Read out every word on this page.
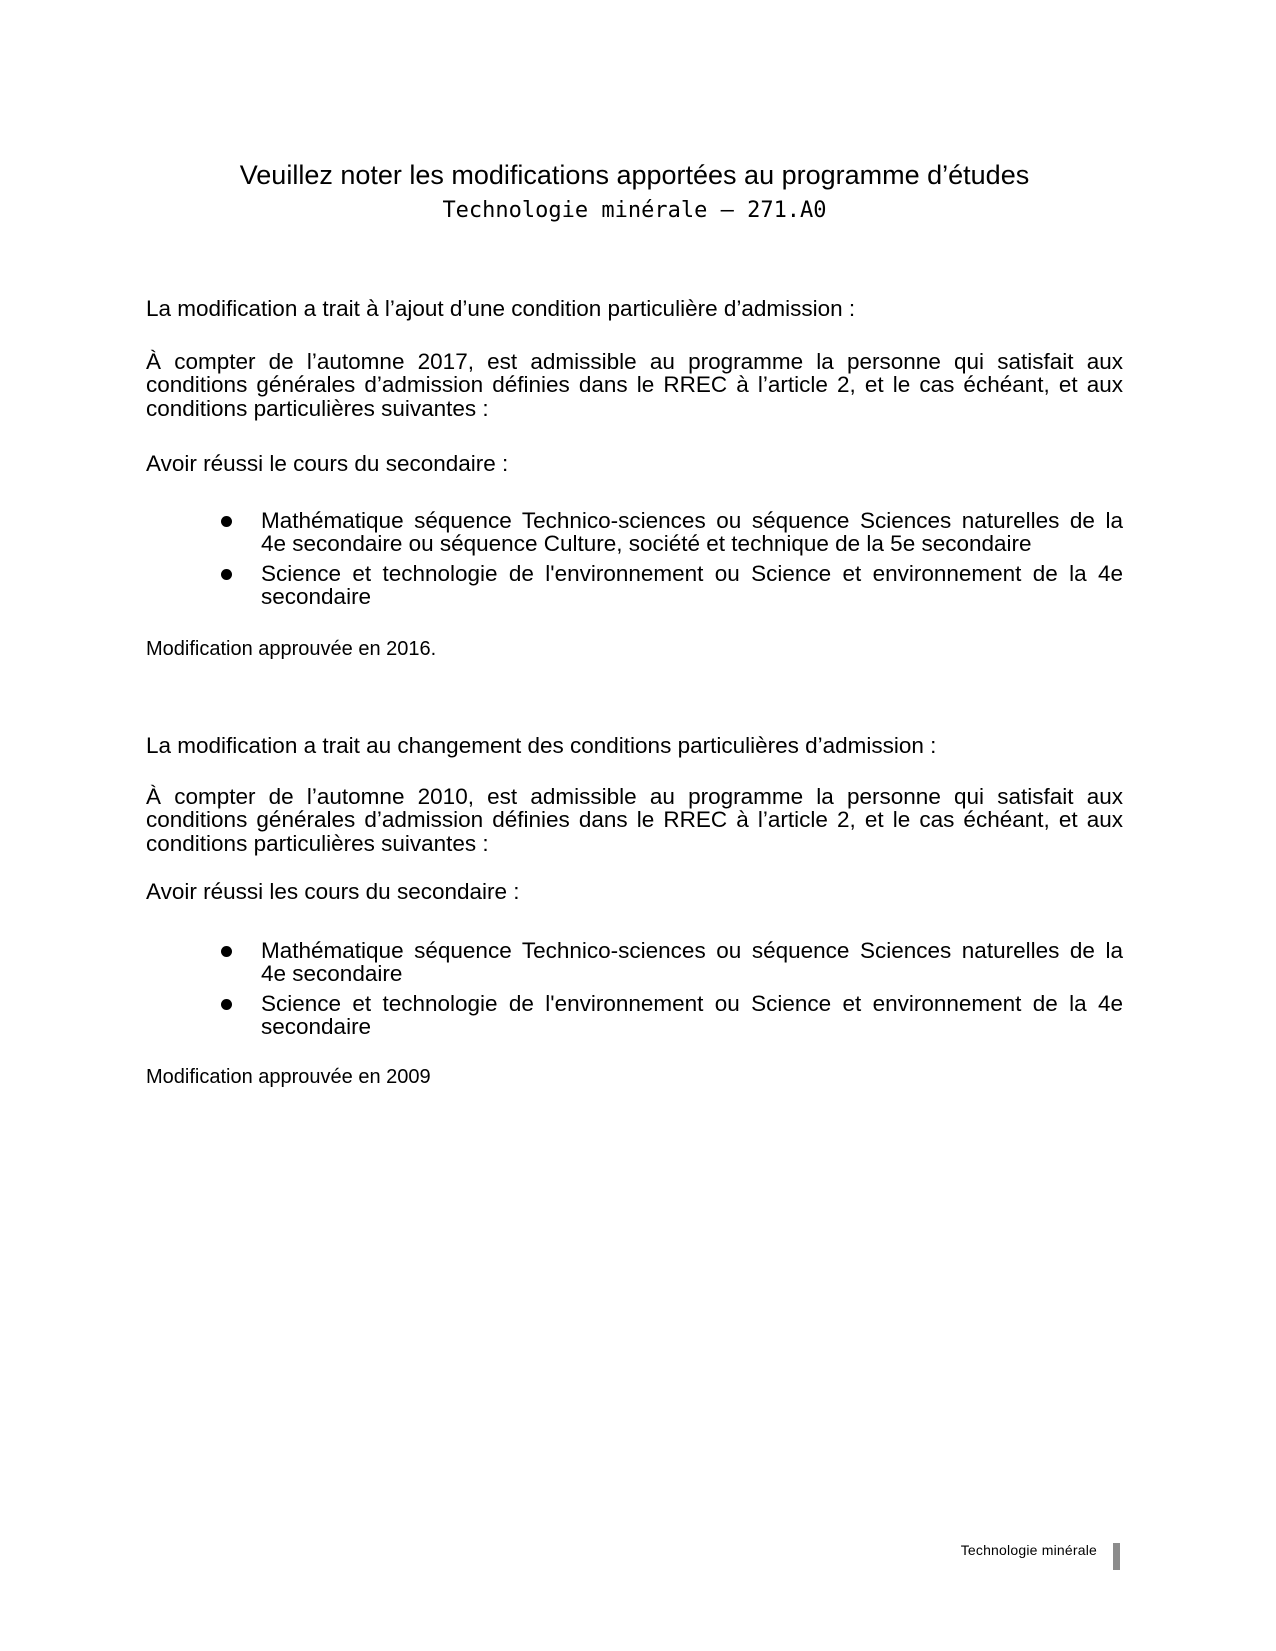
Veuillez noter les modifications apportées au programme d’études
Technologie minérale – 271.A0
La modification a trait à l’ajout d’une condition particulière d’admission :
À compter de l’automne 2017, est admissible au programme la personne qui satisfait aux
conditions générales d’admission définies dans le RREC à l’article 2, et le cas échéant, et aux
conditions particulières suivantes :
Avoir réussi le cours du secondaire :
Mathématique séquence Technico-sciences ou séquence Sciences naturelles de la
4e secondaire ou séquence Culture, société et technique de la 5e secondaire
Science et technologie de l'environnement ou Science et environnement de la 4e
secondaire
Modification approuvée en 2016.
La modification a trait au changement des conditions particulières d’admission :
À compter de l’automne 2010, est admissible au programme la personne qui satisfait aux
conditions générales d’admission définies dans le RREC à l’article 2, et le cas échéant, et aux
conditions particulières suivantes :
Avoir réussi les cours du secondaire :
Mathématique séquence Technico-sciences ou séquence Sciences naturelles de la
4e secondaire
Science et technologie de l'environnement ou Science et environnement de la 4e
secondaire
Modification approuvée en 2009
Technologie minérale
